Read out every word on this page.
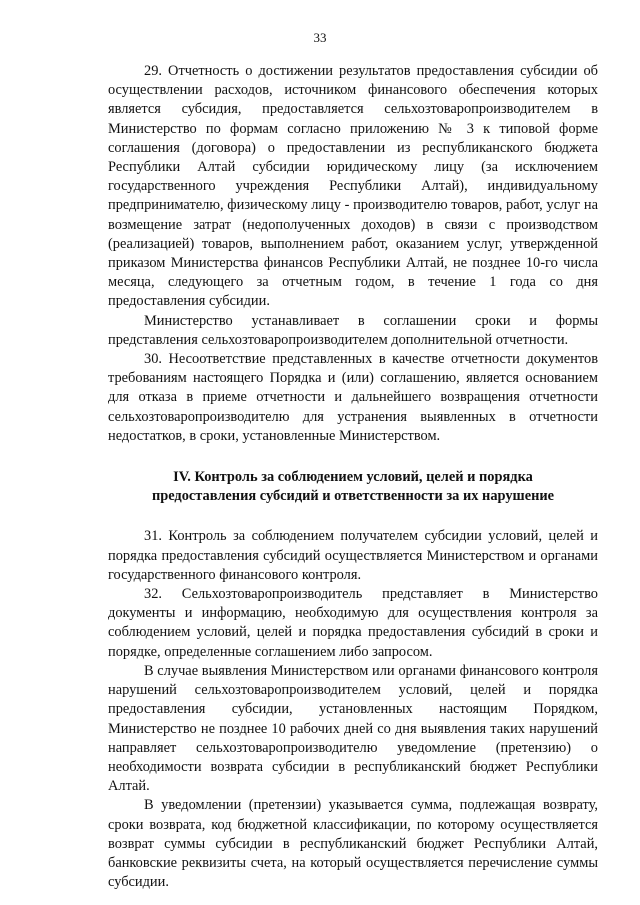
33

29. Отчетность о достижении результатов предоставления субсидии об осуществлении расходов, источником финансового обеспечения которых является субсидия, предоставляется сельхозтоваропроизводителем в Министерство по формам согласно приложению № 3 к типовой форме соглашения (договора) о предоставлении из республиканского бюджета Республики Алтай субсидии юридическому лицу (за исключением государственного учреждения Республики Алтай), индивидуальному предпринимателю, физическому лицу - производителю товаров, работ, услуг на возмещение затрат (недополученных доходов) в связи с производством (реализацией) товаров, выполнением работ, оказанием услуг, утвержденной приказом Министерства финансов Республики Алтай, не позднее 10-го числа месяца, следующего за отчетным годом, в течение 1 года со дня предоставления субсидии.

Министерство устанавливает в соглашении сроки и формы представления сельхозтоваропроизводителем дополнительной отчетности.

30. Несоответствие представленных в качестве отчетности документов требованиям настоящего Порядка и (или) соглашению, является основанием для отказа в приеме отчетности и дальнейшего возвращения отчетности сельхозтоваропроизводителю для устранения выявленных в отчетности недостатков, в сроки, установленные Министерством.

IV. Контроль за соблюдением условий, целей и порядка
предоставления субсидий и ответственности за их нарушение

31. Контроль за соблюдением получателем субсидии условий, целей и порядка предоставления субсидий осуществляется Министерством и органами государственного финансового контроля.

32. Сельхозтоваропроизводитель представляет в Министерство документы и информацию, необходимую для осуществления контроля за соблюдением условий, целей и порядка предоставления субсидий в сроки и порядке, определенные соглашением либо запросом.

В случае выявления Министерством или органами финансового контроля нарушений сельхозтоваропроизводителем условий, целей и порядка предоставления субсидии, установленных настоящим Порядком, Министерство не позднее 10 рабочих дней со дня выявления таких нарушений направляет сельхозтоваропроизводителю уведомление (претензию) о необходимости возврата субсидии в республиканский бюджет Республики Алтай.

В уведомлении (претензии) указывается сумма, подлежащая возврату, сроки возврата, код бюджетной классификации, по которому осуществляется возврат суммы субсидии в республиканский бюджет Республики Алтай, банковские реквизиты счета, на который осуществляется перечисление суммы субсидии.
